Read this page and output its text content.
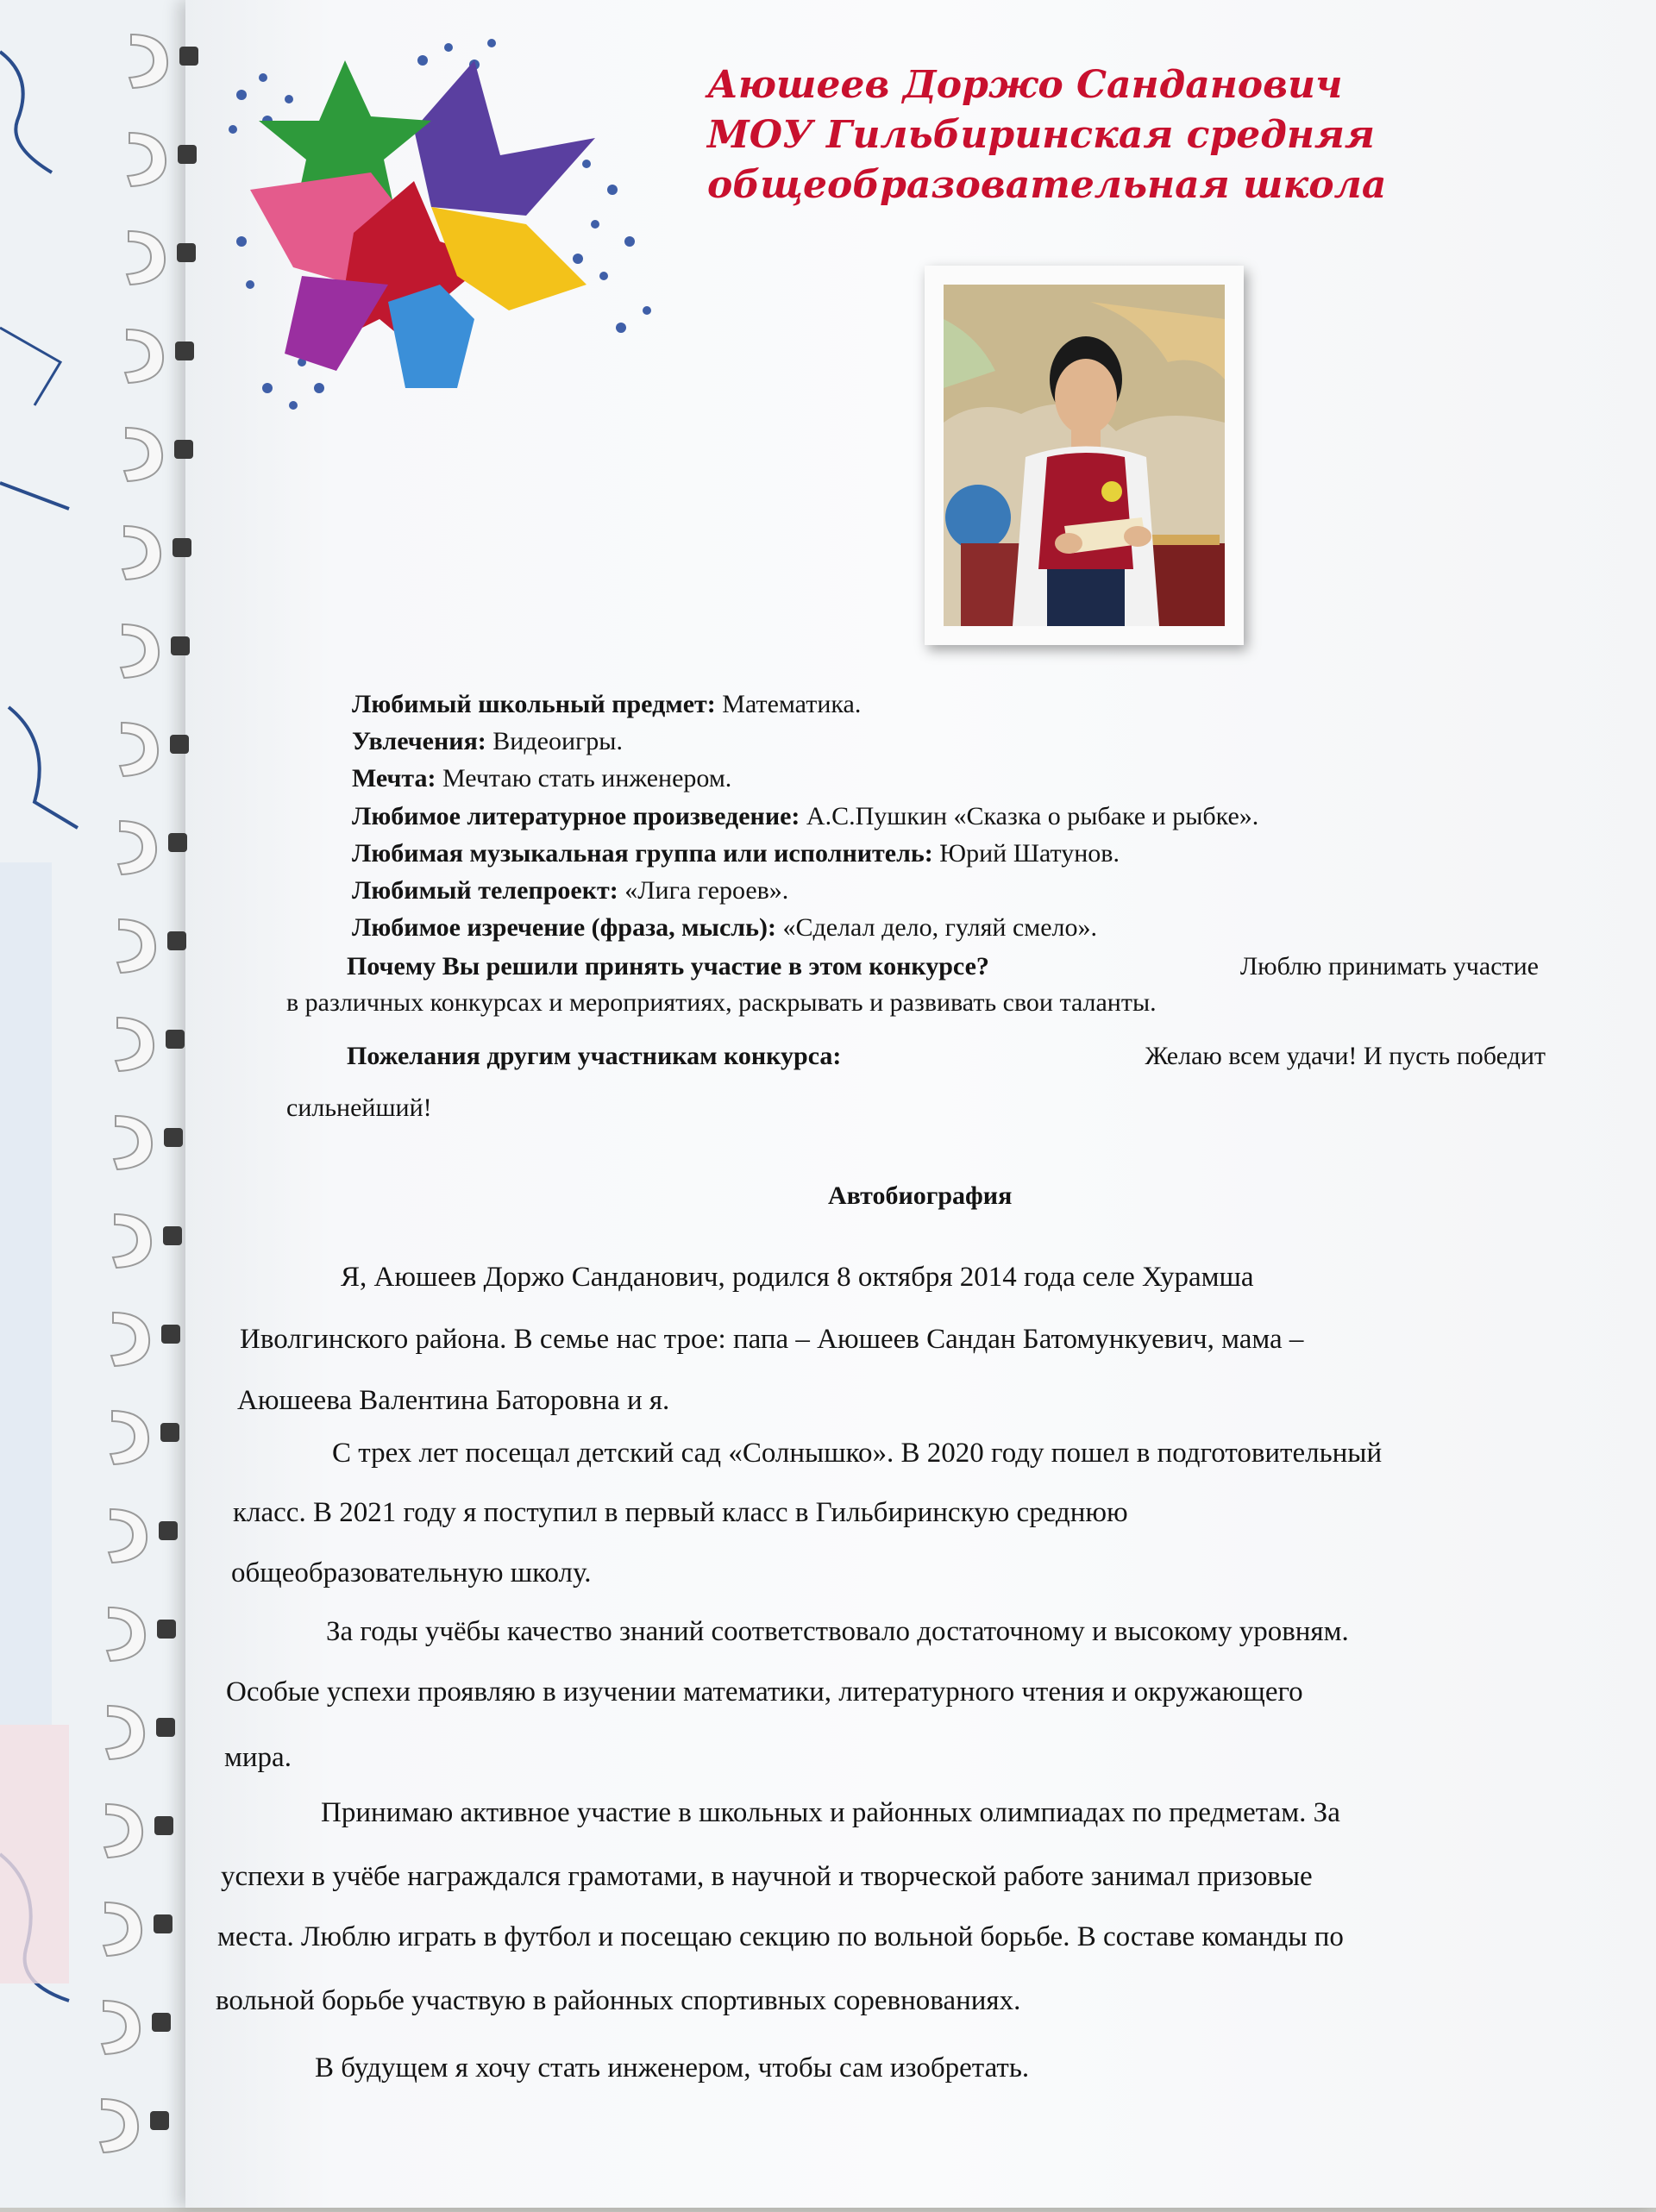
Аюшеев Доржо Санданович
МОУ Гильбиринская средняя
общеобразовательная школа
Любимый школьный предмет: Математика.
Увлечения: Видеоигры.
Мечта: Мечтаю стать инженером.
Любимое литературное произведение: А.С.Пушкин «Сказка о рыбаке и рыбке».
Любимая музыкальная группа или исполнитель: Юрий Шатунов.
Любимый телепроект: «Лига героев».
Любимое изречение (фраза, мысль): «Сделал дело, гуляй смело».
Почему Вы решили принять участие в этом конкурсе?	Люблю принимать участие
в различных конкурсах и мероприятиях, раскрывать и развивать свои таланты.
Пожелания другим участникам конкурса:	Желаю всем удачи! И пусть победит
сильнейший!
Автобиография
Я, Аюшеев Доржо Санданович, родился 8 октября 2014 года селе Хурамша
Иволгинского района. В семье нас трое: папа – Аюшеев Сандан Батомункуевич, мама –
Аюшеева Валентина Баторовна и я.
С трех лет посещал детский сад «Солнышко». В 2020 году пошел в подготовительный
класс. В 2021 году я поступил в первый класс в Гильбиринскую среднюю
общеобразовательную школу.
За годы учёбы качество знаний соответствовало достаточному и высокому уровням.
Особые успехи проявляю в изучении математики, литературного чтения и окружающего
мира.
Принимаю активное участие в школьных и районных олимпиадах по предметам. За
успехи в учёбе награждался грамотами, в научной и творческой работе занимал призовые
места. Люблю играть в футбол и посещаю секцию по вольной борьбе. В составе команды по
вольной борьбе участвую в районных спортивных соревнованиях.
В будущем я хочу стать инженером, чтобы сам изобретать.
